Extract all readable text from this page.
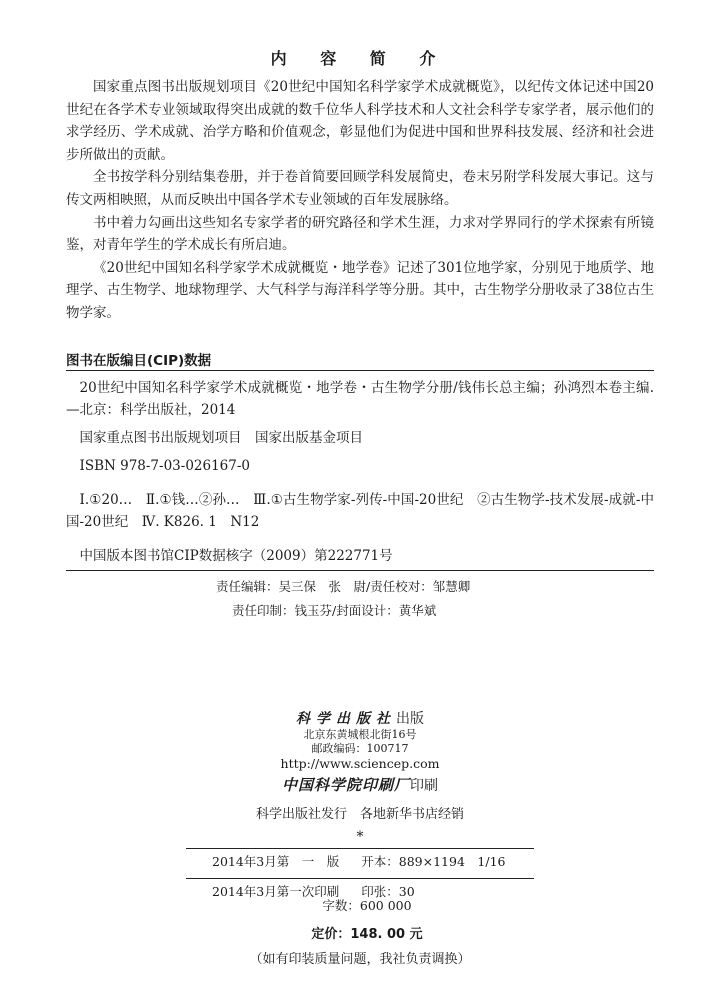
内 容 简 介

国家重点图书出版规划项目《20世纪中国知名科学家学术成就概览》，以纪传文体记述中国20世纪在各学术专业领域取得突出成就的数千位华人科学技术和人文社会科学专家学者，展示他们的求学经历、学术成就、治学方略和价值观念，彰显他们为促进中国和世界科技发展、经济和社会进步所做出的贡献。

全书按学科分别结集卷册，并于卷首简要回顾学科发展简史，卷末另附学科发展大事记。这与传文两相映照，从而反映出中国各学术专业领域的百年发展脉络。

书中着力勾画出这些知名专家学者的研究路径和学术生涯，力求对学界同行的学术探索有所镜鉴，对青年学生的学术成长有所启迪。

《20世纪中国知名科学家学术成就概览・地学卷》记述了301位地学家，分别见于地质学、地理学、古生物学、地球物理学、大气科学与海洋科学等分册。其中，古生物学分册收录了38位古生物学家。

图书在版编目(CIP)数据
20世纪中国知名科学家学术成就概览・地学卷・古生物学分册/钱伟长总主编；孙鸿烈本卷主编. —北京：科学出版社，2014
国家重点图书出版规划项目　国家出版基金项目
ISBN 978-7-03-026167-0
Ⅰ.①20…　Ⅱ.①钱…②孙…　Ⅲ.①古生物学家-列传-中国-20世纪　②古生物学-技术发展-成就-中国-20世纪　Ⅳ. K826. 1　N12
中国版本图书馆CIP数据核字（2009）第222771号
责任编辑：吴三保　张　尉/责任校对：邹慧卿
责任印制：钱玉芬/封面设计：黄华斌
科学出版社出版
北京东黄城根北街16号
邮政编码：100717
http://www.sciencep.com
中国科学院印刷厂印刷
科学出版社发行　各地新华书店经销
*
2014年3月第　一　版 开本：889×1194　1/16
2014年3月第一次印刷 印张：30
字数：600 000
定价：148. 00 元
（如有印装质量问题，我社负责调换）
